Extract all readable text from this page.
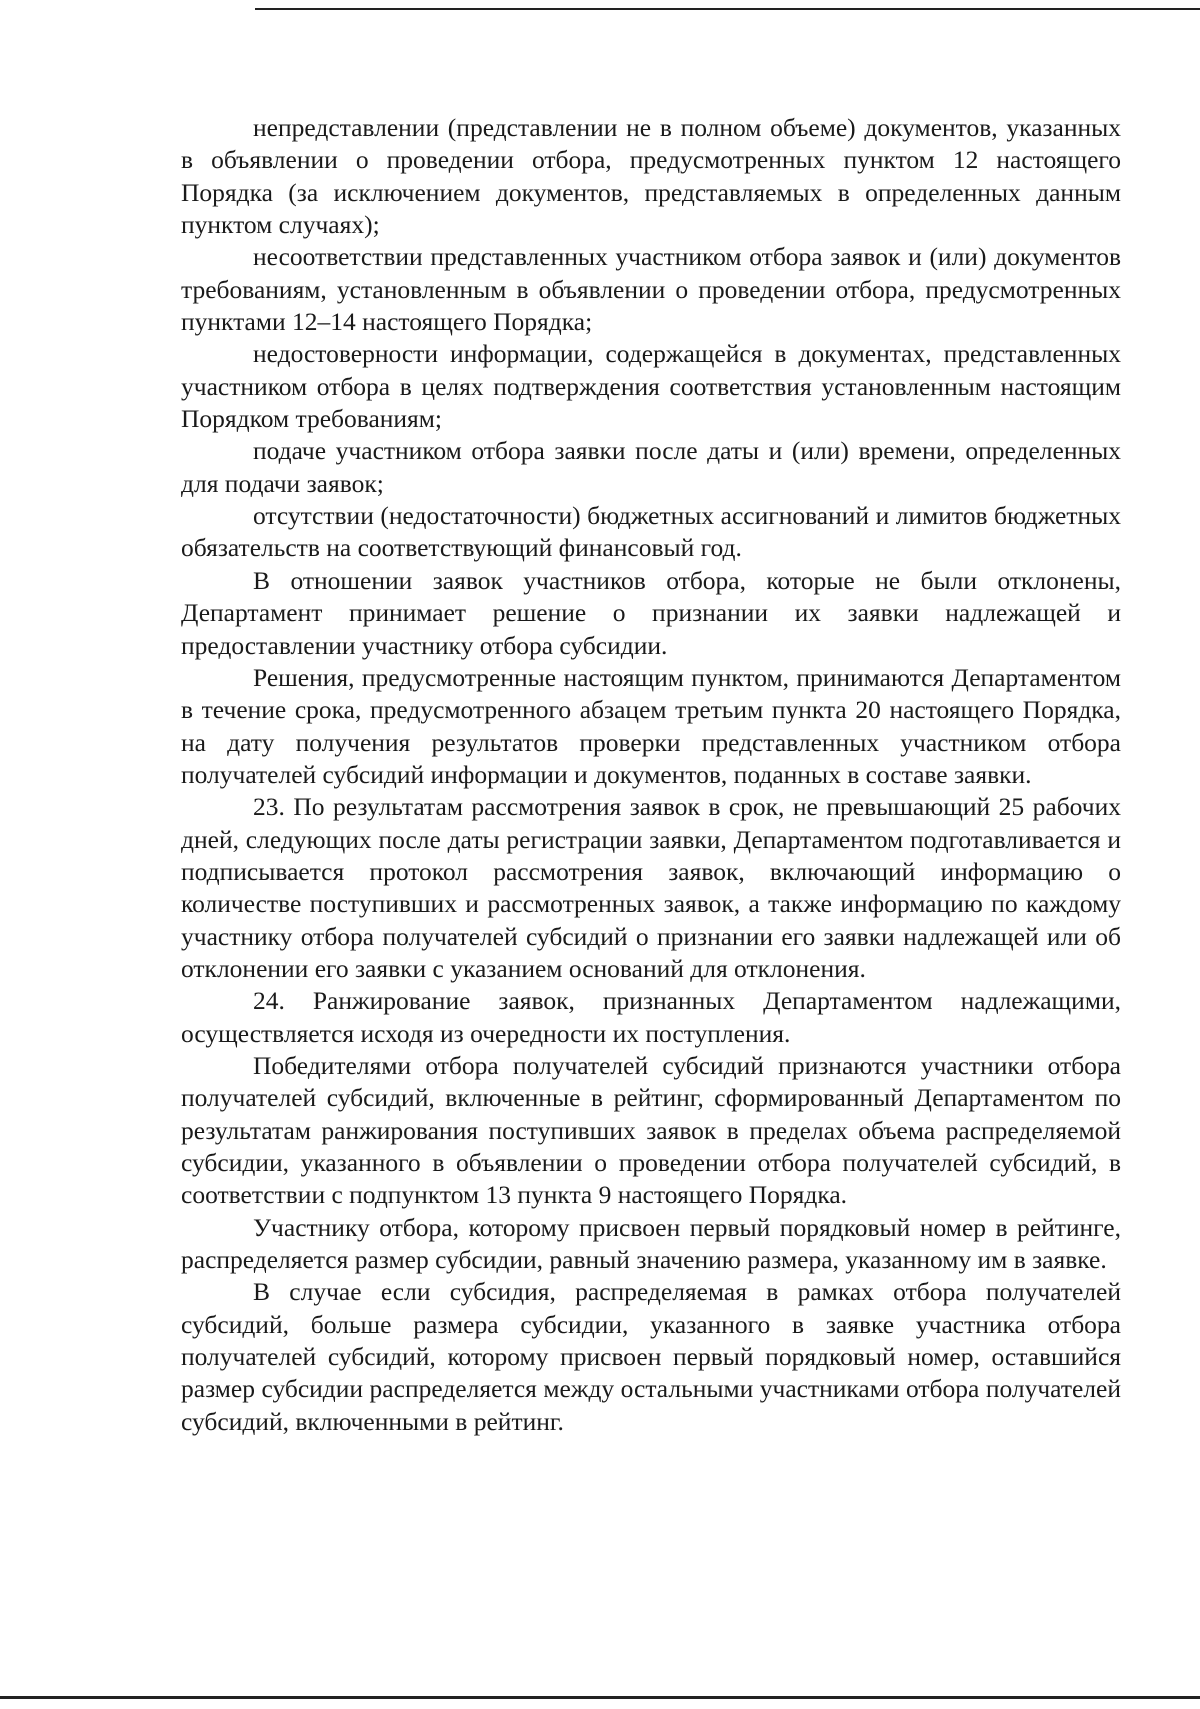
непредставлении (представлении не в полном объеме) документов, указанных в объявлении о проведении отбора, предусмотренных пунктом 12 настоящего Порядка (за исключением документов, представляемых в определенных данным пунктом случаях);

несоответствии представленных участником отбора заявок и (или) документов требованиям, установленным в объявлении о проведении отбора, предусмотренных пунктами 12–14 настоящего Порядка;

недостоверности информации, содержащейся в документах, представленных участником отбора в целях подтверждения соответствия установленным настоящим Порядком требованиям;

подаче участником отбора заявки после даты и (или) времени, определенных для подачи заявок;

отсутствии (недостаточности) бюджетных ассигнований и лимитов бюджетных обязательств на соответствующий финансовый год.

В отношении заявок участников отбора, которые не были отклонены, Департамент принимает решение о признании их заявки надлежащей и предоставлении участнику отбора субсидии.

Решения, предусмотренные настоящим пунктом, принимаются Департаментом в течение срока, предусмотренного абзацем третьим пункта 20 настоящего Порядка, на дату получения результатов проверки представленных участником отбора получателей субсидий информации и документов, поданных в составе заявки.

23. По результатам рассмотрения заявок в срок, не превышающий 25 рабочих дней, следующих после даты регистрации заявки, Департаментом подготавливается и подписывается протокол рассмотрения заявок, включающий информацию о количестве поступивших и рассмотренных заявок, а также информацию по каждому участнику отбора получателей субсидий о признании его заявки надлежащей или об отклонении его заявки с указанием оснований для отклонения.

24. Ранжирование заявок, признанных Департаментом надлежащими, осуществляется исходя из очередности их поступления.

Победителями отбора получателей субсидий признаются участники отбора получателей субсидий, включенные в рейтинг, сформированный Департаментом по результатам ранжирования поступивших заявок в пределах объема распределяемой субсидии, указанного в объявлении о проведении отбора получателей субсидий, в соответствии с подпунктом 13 пункта 9 настоящего Порядка.

Участнику отбора, которому присвоен первый порядковый номер в рейтинге, распределяется размер субсидии, равный значению размера, указанному им в заявке.

В случае если субсидия, распределяемая в рамках отбора получателей субсидий, больше размера субсидии, указанного в заявке участника отбора получателей субсидий, которому присвоен первый порядковый номер, оставшийся размер субсидии распределяется между остальными участниками отбора получателей субсидий, включенными в рейтинг.
